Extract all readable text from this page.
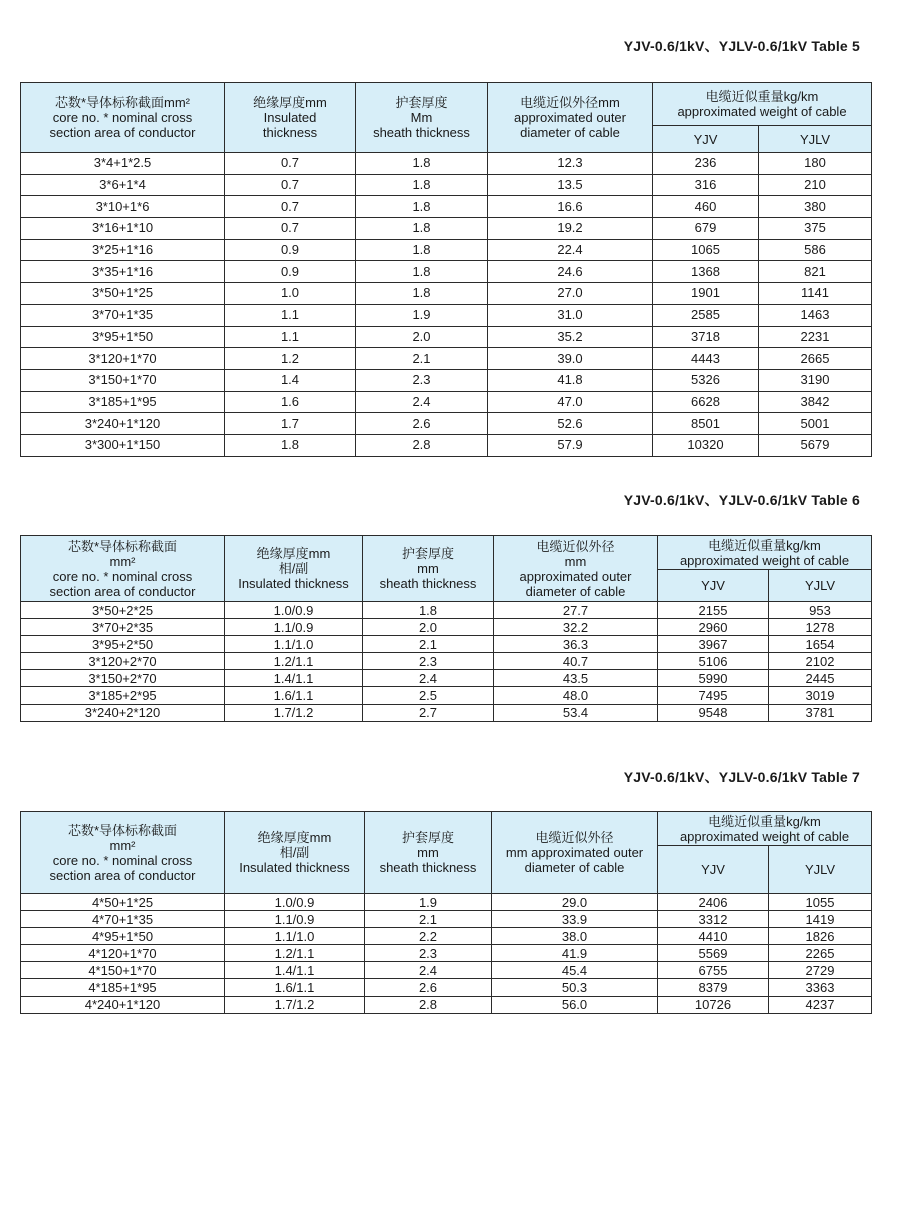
YJV-0.6/1kV、YJLV-0.6/1kV Table 5
芯数*导体标称截面mm²
core no. * nominal cross
section area of conductor	绝缘厚度mm
Insulated
thickness	护套厚度
Mm
sheath thickness	电缆近似外径mm
approximated outer
diameter of cable	电缆近似重量kg/km
approximated weight of cable	

				YJV	YJLV
3*4+1*2.5	0.7	1.8	12.3	236	180
3*6+1*4	0.7	1.8	13.5	316	210
3*10+1*6	0.7	1.8	16.6	460	380
3*16+1*10	0.7	1.8	19.2	679	375
3*25+1*16	0.9	1.8	22.4	1065	586
3*35+1*16	0.9	1.8	24.6	1368	821
3*50+1*25	1.0	1.8	27.0	1901	1141
3*70+1*35	1.1	1.9	31.0	2585	1463
3*95+1*50	1.1	2.0	35.2	3718	2231
3*120+1*70	1.2	2.1	39.0	4443	2665
3*150+1*70	1.4	2.3	41.8	5326	3190
3*185+1*95	1.6	2.4	47.0	6628	3842
3*240+1*120	1.7	2.6	52.6	8501	5001
3*300+1*150	1.8	2.8	57.9	10320	5679
YJV-0.6/1kV、YJLV-0.6/1kV Table 6
芯数*导体标称截面
mm²
core no. * nominal cross
section area of conductor	绝缘厚度mm
相/副
Insulated thickness	护套厚度
mm
sheath thickness	电缆近似外径
mm
approximated outer
diameter of cable	电缆近似重量kg/km
approximated weight of cable	

				YJV	YJLV
3*50+2*25	1.0/0.9	1.8	27.7	2155	953
3*70+2*35	1.1/0.9	2.0	32.2	2960	1278
3*95+2*50	1.1/1.0	2.1	36.3	3967	1654
3*120+2*70	1.2/1.1	2.3	40.7	5106	2102
3*150+2*70	1.4/1.1	2.4	43.5	5990	2445
3*185+2*95	1.6/1.1	2.5	48.0	7495	3019
3*240+2*120	1.7/1.2	2.7	53.4	9548	3781
YJV-0.6/1kV、YJLV-0.6/1kV Table 7
芯数*导体标称截面
mm²
core no. * nominal cross
section area of conductor	绝缘厚度mm
相/副
Insulated thickness	护套厚度
mm
sheath thickness	电缆近似外径
mm approximated outer
diameter of cable	电缆近似重量kg/km
approximated weight of cable	

				YJV	YJLV
4*50+1*25	1.0/0.9	1.9	29.0	2406	1055
4*70+1*35	1.1/0.9	2.1	33.9	3312	1419
4*95+1*50	1.1/1.0	2.2	38.0	4410	1826
4*120+1*70	1.2/1.1	2.3	41.9	5569	2265
4*150+1*70	1.4/1.1	2.4	45.4	6755	2729
4*185+1*95	1.6/1.1	2.6	50.3	8379	3363
4*240+1*120	1.7/1.2	2.8	56.0	10726	4237
